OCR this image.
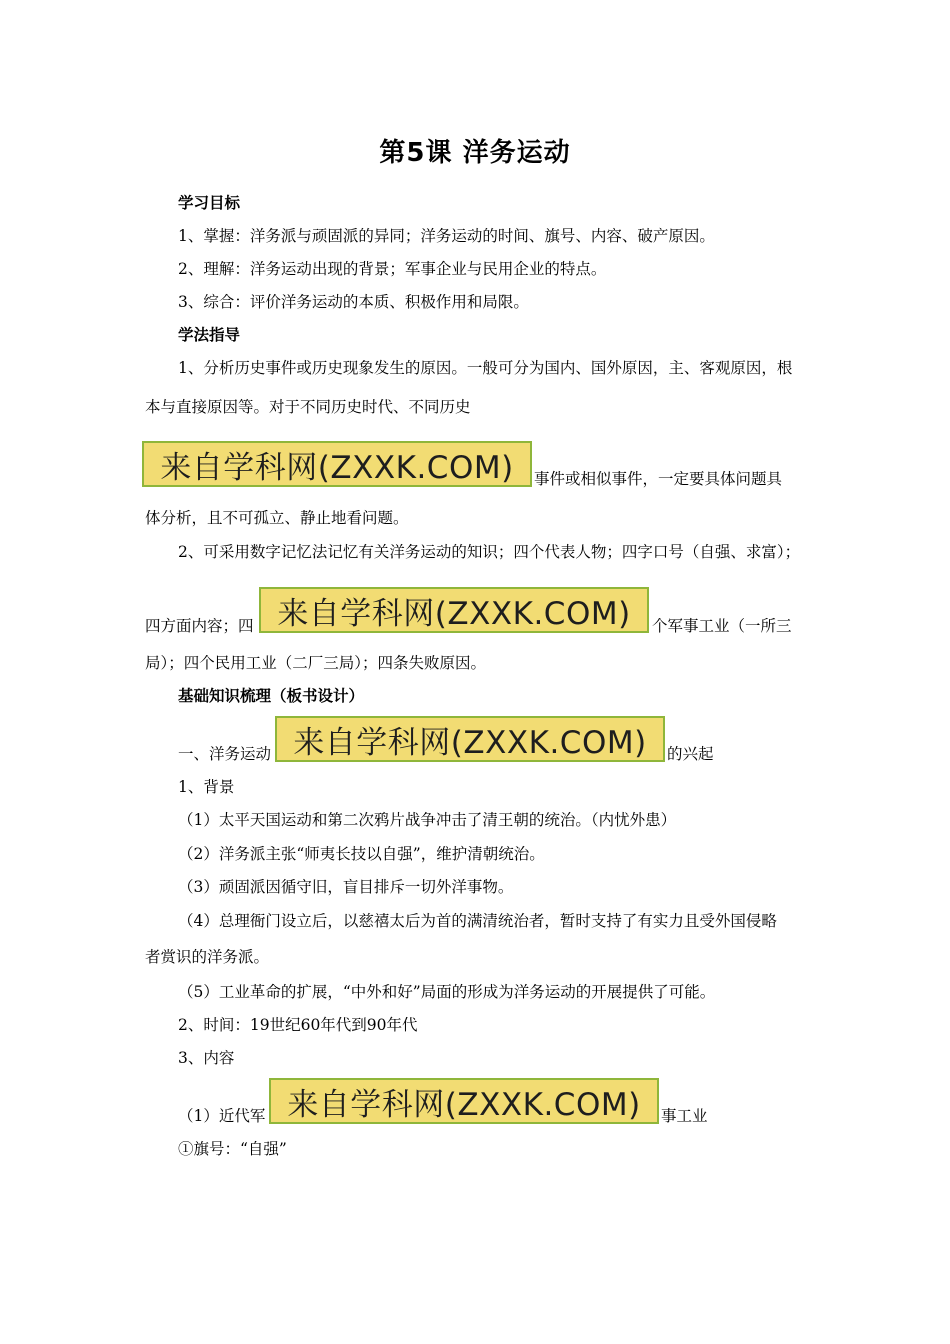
第5课 洋务运动
学习目标
1、掌握：洋务派与顽固派的异同；洋务运动的时间、旗号、内容、破产原因。
2、理解：洋务运动出现的背景；军事企业与民用企业的特点。
3、综合：评价洋务运动的本质、积极作用和局限。
学法指导
1、分析历史事件或历史现象发生的原因。一般可分为国内、国外原因，主、客观原因，根
本与直接原因等。对于不同历史时代、不同历史
来自学科网(ZXXK.COM)	事件或相似事件，一定要具体问题具
体分析，且不可孤立、静止地看问题。
2、可采用数字记忆法记忆有关洋务运动的知识；四个代表人物；四字口号（自强、求富）；
四方面内容；四 来自学科网(ZXXK.COM)	个军事工业（一所三
局）；四个民用工业（二厂三局）；四条失败原因。
基础知识梳理（板书设计）
一、洋务运动 来自学科网(ZXXK.COM)	的兴起
1、背景
（1）太平天国运动和第二次鸦片战争冲击了清王朝的统治。（内忧外患）
（2）洋务派主张“师夷长技以自强”，维护清朝统治。
（3）顽固派因循守旧，盲目排斥一切外洋事物。
（4）总理衙门设立后，以慈禧太后为首的满清统治者，暂时支持了有实力且受外国侵略
者赏识的洋务派。
（5）工业革命的扩展，“中外和好”局面的形成为洋务运动的开展提供了可能。
2、时间：19世纪60年代到90年代
3、内容
（1）近代军 来自学科网(ZXXK.COM)	事工业
①旗号：“自强”
